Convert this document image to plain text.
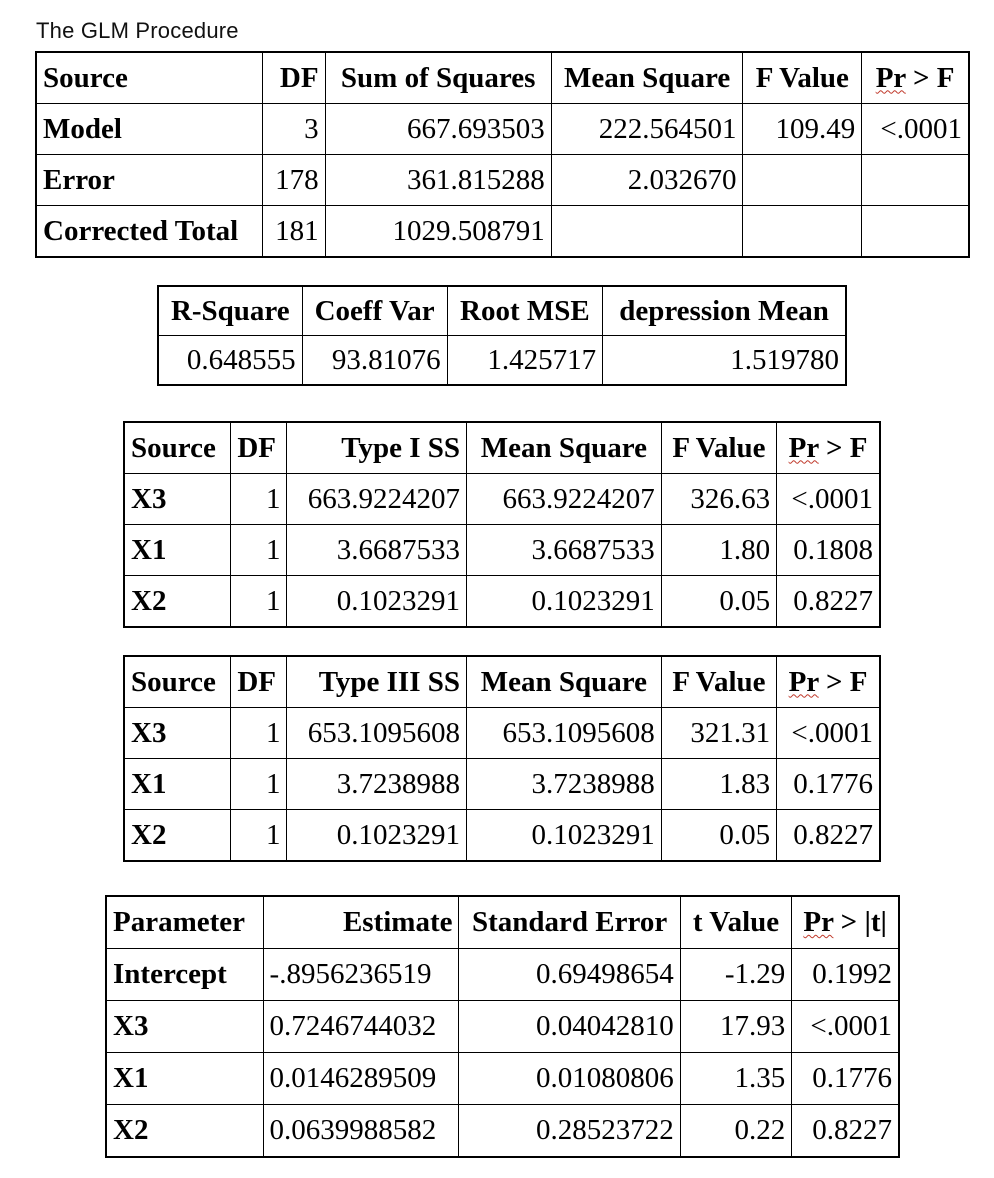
The GLM Procedure
Source	DF	Sum of Squares	Mean Square	F Value	Pr > F
Model	3	667.693503	222.564501	109.49	<.0001
Error	178	361.815288	2.032670		
Corrected Total	181	1029.508791			
R-Square	Coeff Var	Root MSE	depression Mean
0.648555	93.81076	1.425717	1.519780
Source	DF	Type I SS	Mean Square	F Value	Pr > F
X3	1	663.9224207	663.9224207	326.63	<.0001
X1	1	3.6687533	3.6687533	1.80	0.1808
X2	1	0.1023291	0.1023291	0.05	0.8227
Source	DF	Type III SS	Mean Square	F Value	Pr > F
X3	1	653.1095608	653.1095608	321.31	<.0001
X1	1	3.7238988	3.7238988	1.83	0.1776
X2	1	0.1023291	0.1023291	0.05	0.8227
Parameter	Estimate	Standard Error	t Value	Pr > |t|
Intercept	-.8956236519	0.69498654	-1.29	0.1992
X3	0.7246744032	0.04042810	17.93	<.0001
X1	0.0146289509	0.01080806	1.35	0.1776
X2	0.0639988582	0.28523722	0.22	0.8227
